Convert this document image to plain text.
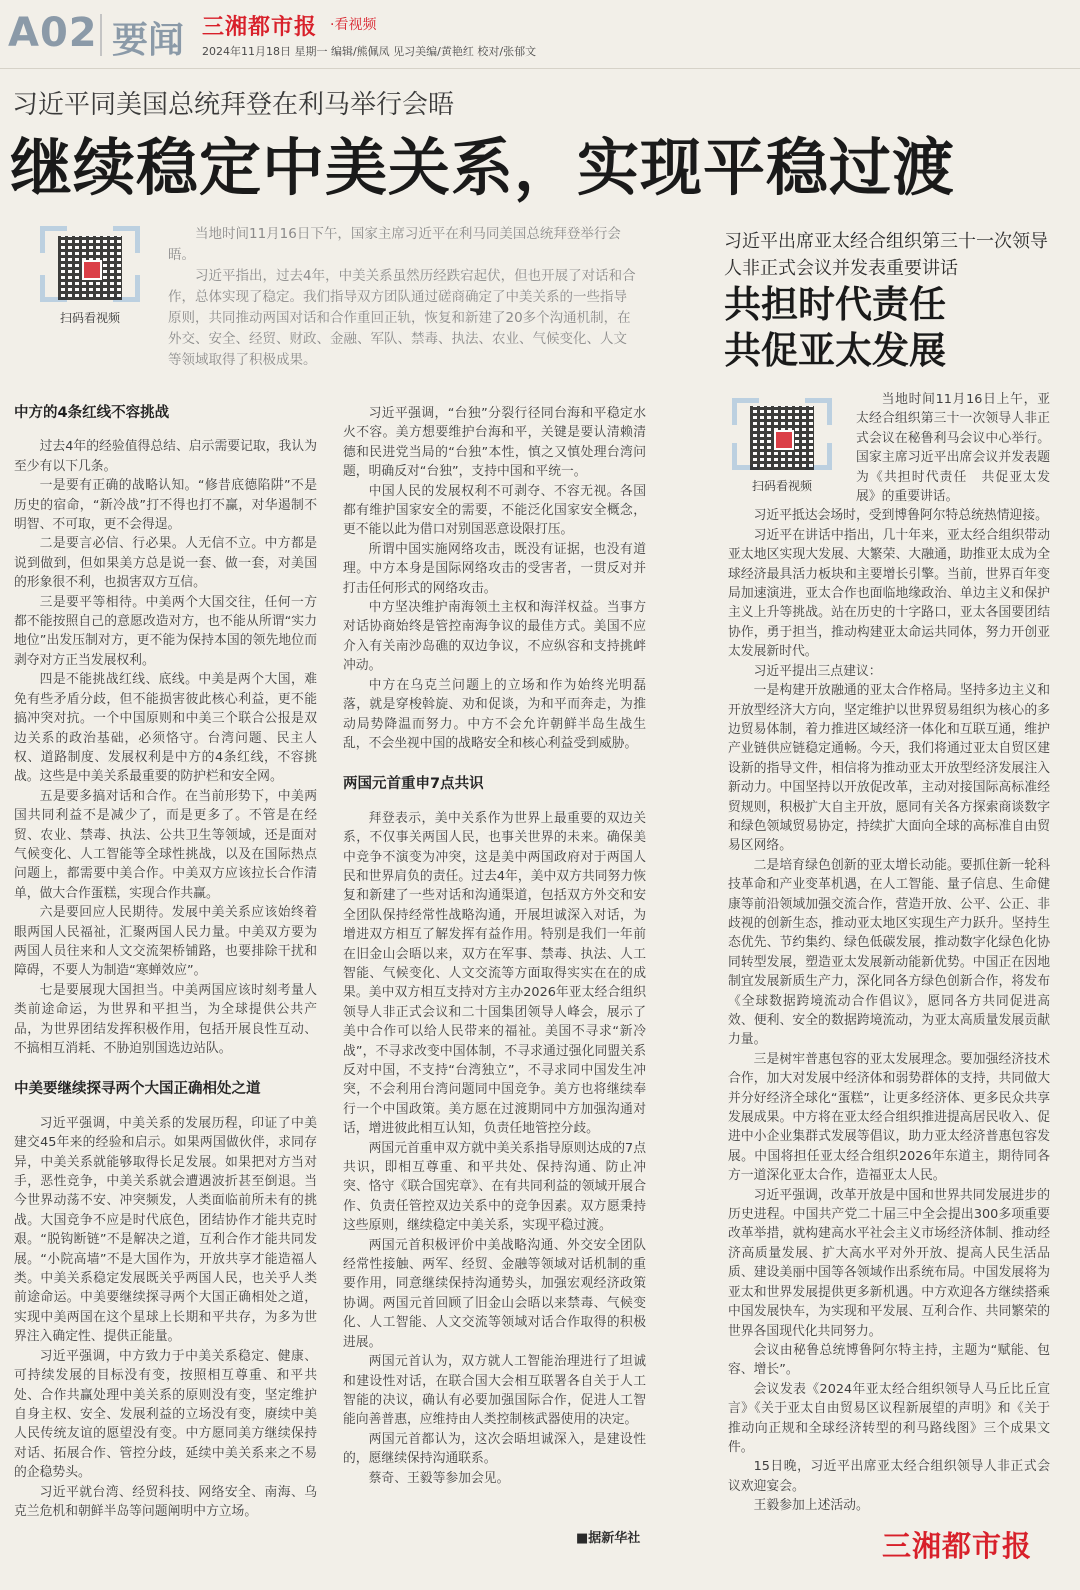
A02 要闻 三湘都市报 ·看视频
2024年11月18日 星期一 编辑/熊佩凤 见习美编/黄艳红 校对/张郁文
习近平同美国总统拜登在利马举行会晤
继续稳定中美关系，实现平稳过渡
扫码看视频

当地时间11月16日下午，国家主席习近平在利马同美国总统拜登举行会晤。

习近平指出，过去4年，中美关系虽然历经跌宕起伏，但也开展了对话和合作，总体实现了稳定。我们指导双方团队通过磋商确定了中美关系的一些指导原则，共同推动两国对话和合作重回正轨，恢复和新建了20多个沟通机制，在外交、安全、经贸、财政、金融、军队、禁毒、执法、农业、气候变化、人文等领域取得了积极成果。

中方的4条红线不容挑战

过去4年的经验值得总结、启示需要记取，我认为至少有以下几条。

一是要有正确的战略认知。“修昔底德陷阱”不是历史的宿命，“新冷战”打不得也打不赢，对华遏制不明智、不可取，更不会得逞。

二是要言必信、行必果。人无信不立。中方都是说到做到，但如果美方总是说一套、做一套，对美国的形象很不利，也损害双方互信。

三是要平等相待。中美两个大国交往，任何一方都不能按照自己的意愿改造对方，也不能从所谓“实力地位”出发压制对方，更不能为保持本国的领先地位而剥夺对方正当发展权利。

四是不能挑战红线、底线。中美是两个大国，难免有些矛盾分歧，但不能损害彼此核心利益，更不能搞冲突对抗。一个中国原则和中美三个联合公报是双边关系的政治基础，必须恪守。台湾问题、民主人权、道路制度、发展权利是中方的4条红线，不容挑战。这些是中美关系最重要的防护栏和安全网。

五是要多搞对话和合作。在当前形势下，中美两国共同利益不是减少了，而是更多了。不管是在经贸、农业、禁毒、执法、公共卫生等领域，还是面对气候变化、人工智能等全球性挑战，以及在国际热点问题上，都需要中美合作。中美双方应该拉长合作清单，做大合作蛋糕，实现合作共赢。

六是要回应人民期待。发展中美关系应该始终着眼两国人民福祉，汇聚两国人民力量。中美双方要为两国人员往来和人文交流架桥铺路，也要排除干扰和障碍，不要人为制造“寒蝉效应”。

七是要展现大国担当。中美两国应该时刻考量人类前途命运，为世界和平担当，为全球提供公共产品，为世界团结发挥积极作用，包括开展良性互动、不搞相互消耗、不胁迫别国选边站队。

中美要继续探寻两个大国正确相处之道

习近平强调，中美关系的发展历程，印证了中美建交45年来的经验和启示。如果两国做伙伴，求同存异，中美关系就能够取得长足发展。如果把对方当对手，恶性竞争，中美关系就会遭遇波折甚至倒退。当今世界动荡不安、冲突频发，人类面临前所未有的挑战。大国竞争不应是时代底色，团结协作才能共克时艰。“脱钩断链”不是解决之道，互利合作才能共同发展。“小院高墙”不是大国作为，开放共享才能造福人类。中美关系稳定发展既关乎两国人民，也关乎人类前途命运。中美要继续探寻两个大国正确相处之道，实现中美两国在这个星球上长期和平共存，为多为世界注入确定性、提供正能量。

习近平强调，中方致力于中美关系稳定、健康、可持续发展的目标没有变，按照相互尊重、和平共处、合作共赢处理中美关系的原则没有变，坚定维护自身主权、安全、发展利益的立场没有变，赓续中美人民传统友谊的愿望没有变。中方愿同美方继续保持对话、拓展合作、管控分歧，延续中美关系来之不易的企稳势头。

习近平就台湾、经贸科技、网络安全、南海、乌克兰危机和朝鲜半岛等问题阐明中方立场。

习近平强调，“台独”分裂行径同台海和平稳定水火不容。美方想要维护台海和平，关键是要认清赖清德和民进党当局的“台独”本性，慎之又慎处理台湾问题，明确反对“台独”，支持中国和平统一。

中国人民的发展权利不可剥夺、不容无视。各国都有维护国家安全的需要，不能泛化国家安全概念，更不能以此为借口对别国恶意设限打压。

所谓中国实施网络攻击，既没有证据，也没有道理。中方本身是国际网络攻击的受害者，一贯反对并打击任何形式的网络攻击。

中方坚决维护南海领土主权和海洋权益。当事方对话协商始终是管控南海争议的最佳方式。美国不应介入有关南沙岛礁的双边争议，不应纵容和支持挑衅冲动。

中方在乌克兰问题上的立场和作为始终光明磊落，就是穿梭斡旋、劝和促谈，为和平而奔走，为推动局势降温而努力。中方不会允许朝鲜半岛生战生乱，不会坐视中国的战略安全和核心利益受到威胁。

两国元首重申7点共识

拜登表示，美中关系作为世界上最重要的双边关系，不仅事关两国人民，也事关世界的未来。确保美中竞争不演变为冲突，这是美中两国政府对于两国人民和世界肩负的责任。过去4年，美中双方共同努力恢复和新建了一些对话和沟通渠道，包括双方外交和安全团队保持经常性战略沟通，开展坦诚深入对话，为增进双方相互了解发挥有益作用。特别是我们一年前在旧金山会晤以来，双方在军事、禁毒、执法、人工智能、气候变化、人文交流等方面取得实实在在的成果。美中双方相互支持对方主办2026年亚太经合组织领导人非正式会议和二十国集团领导人峰会，展示了美中合作可以给人民带来的福祉。美国不寻求“新冷战”，不寻求改变中国体制，不寻求通过强化同盟关系反对中国，不支持“台湾独立”，不寻求同中国发生冲突，不会利用台湾问题同中国竞争。美方也将继续奉行一个中国政策。美方愿在过渡期同中方加强沟通对话，增进彼此相互认知，负责任地管控分歧。

两国元首重申双方就中美关系指导原则达成的7点共识，即相互尊重、和平共处、保持沟通、防止冲突、恪守《联合国宪章》、在有共同利益的领域开展合作、负责任管控双边关系中的竞争因素。双方愿秉持这些原则，继续稳定中美关系，实现平稳过渡。

两国元首积极评价中美战略沟通、外交安全团队经常性接触、两军、经贸、金融等领域对话机制的重要作用，同意继续保持沟通势头，加强宏观经济政策协调。两国元首回顾了旧金山会晤以来禁毒、气候变化、人工智能、人文交流等领域对话合作取得的积极进展。

两国元首认为，双方就人工智能治理进行了坦诚和建设性对话，在联合国大会相互联署各自关于人工智能的决议，确认有必要加强国际合作，促进人工智能向善普惠，应维持由人类控制核武器使用的决定。

两国元首都认为，这次会晤坦诚深入，是建设性的，愿继续保持沟通联系。

蔡奇、王毅等参加会见。

■据新华社
习近平出席亚太经合组织第三十一次领导人非正式会议并发表重要讲话
共担时代责任
共促亚太发展
扫码看视频

当地时间11月16日上午，亚太经合组织第三十一次领导人非正式会议在秘鲁利马会议中心举行。国家主席习近平出席会议并发表题为《共担时代责任　共促亚太发展》的重要讲话。

习近平抵达会场时，受到博鲁阿尔特总统热情迎接。

习近平在讲话中指出，几十年来，亚太经合组织带动亚太地区实现大发展、大繁荣、大融通，助推亚太成为全球经济最具活力板块和主要增长引擎。当前，世界百年变局加速演进，亚太合作也面临地缘政治、单边主义和保护主义上升等挑战。站在历史的十字路口，亚太各国要团结协作，勇于担当，推动构建亚太命运共同体，努力开创亚太发展新时代。

习近平提出三点建议：

一是构建开放融通的亚太合作格局。坚持多边主义和开放型经济大方向，坚定维护以世界贸易组织为核心的多边贸易体制，着力推进区域经济一体化和互联互通，维护产业链供应链稳定通畅。今天，我们将通过亚太自贸区建设新的指导文件，相信将为推动亚太开放型经济发展注入新动力。中国坚持以开放促改革，主动对接国际高标准经贸规则，积极扩大自主开放，愿同有关各方探索商谈数字和绿色领域贸易协定，持续扩大面向全球的高标准自由贸易区网络。

二是培育绿色创新的亚太增长动能。要抓住新一轮科技革命和产业变革机遇，在人工智能、量子信息、生命健康等前沿领域加强交流合作，营造开放、公平、公正、非歧视的创新生态，推动亚太地区实现生产力跃升。坚持生态优先、节约集约、绿色低碳发展，推动数字化绿色化协同转型发展，塑造亚太发展新动能新优势。中国正在因地制宜发展新质生产力，深化同各方绿色创新合作，将发布《全球数据跨境流动合作倡议》，愿同各方共同促进高效、便利、安全的数据跨境流动，为亚太高质量发展贡献力量。

三是树牢普惠包容的亚太发展理念。要加强经济技术合作，加大对发展中经济体和弱势群体的支持，共同做大并分好经济全球化“蛋糕”，让更多经济体、更多民众共享发展成果。中方将在亚太经合组织推进提高居民收入、促进中小企业集群式发展等倡议，助力亚太经济普惠包容发展。中国将担任亚太经合组织2026年东道主，期待同各方一道深化亚太合作，造福亚太人民。

习近平强调，改革开放是中国和世界共同发展进步的历史进程。中国共产党二十届三中全会提出300多项重要改革举措，就构建高水平社会主义市场经济体制、推动经济高质量发展、扩大高水平对外开放、提高人民生活品质、建设美丽中国等各领域作出系统布局。中国发展将为亚太和世界发展提供更多新机遇。中方欢迎各方继续搭乘中国发展快车，为实现和平发展、互利合作、共同繁荣的世界各国现代化共同努力。

会议由秘鲁总统博鲁阿尔特主持，主题为“赋能、包容、增长”。

会议发表《2024年亚太经合组织领导人马丘比丘宣言》《关于亚太自由贸易区议程新展望的声明》和《关于推动向正规和全球经济转型的利马路线图》三个成果文件。

15日晚，习近平出席亚太经合组织领导人非正式会议欢迎宴会。

王毅参加上述活动。

三湘都市报
